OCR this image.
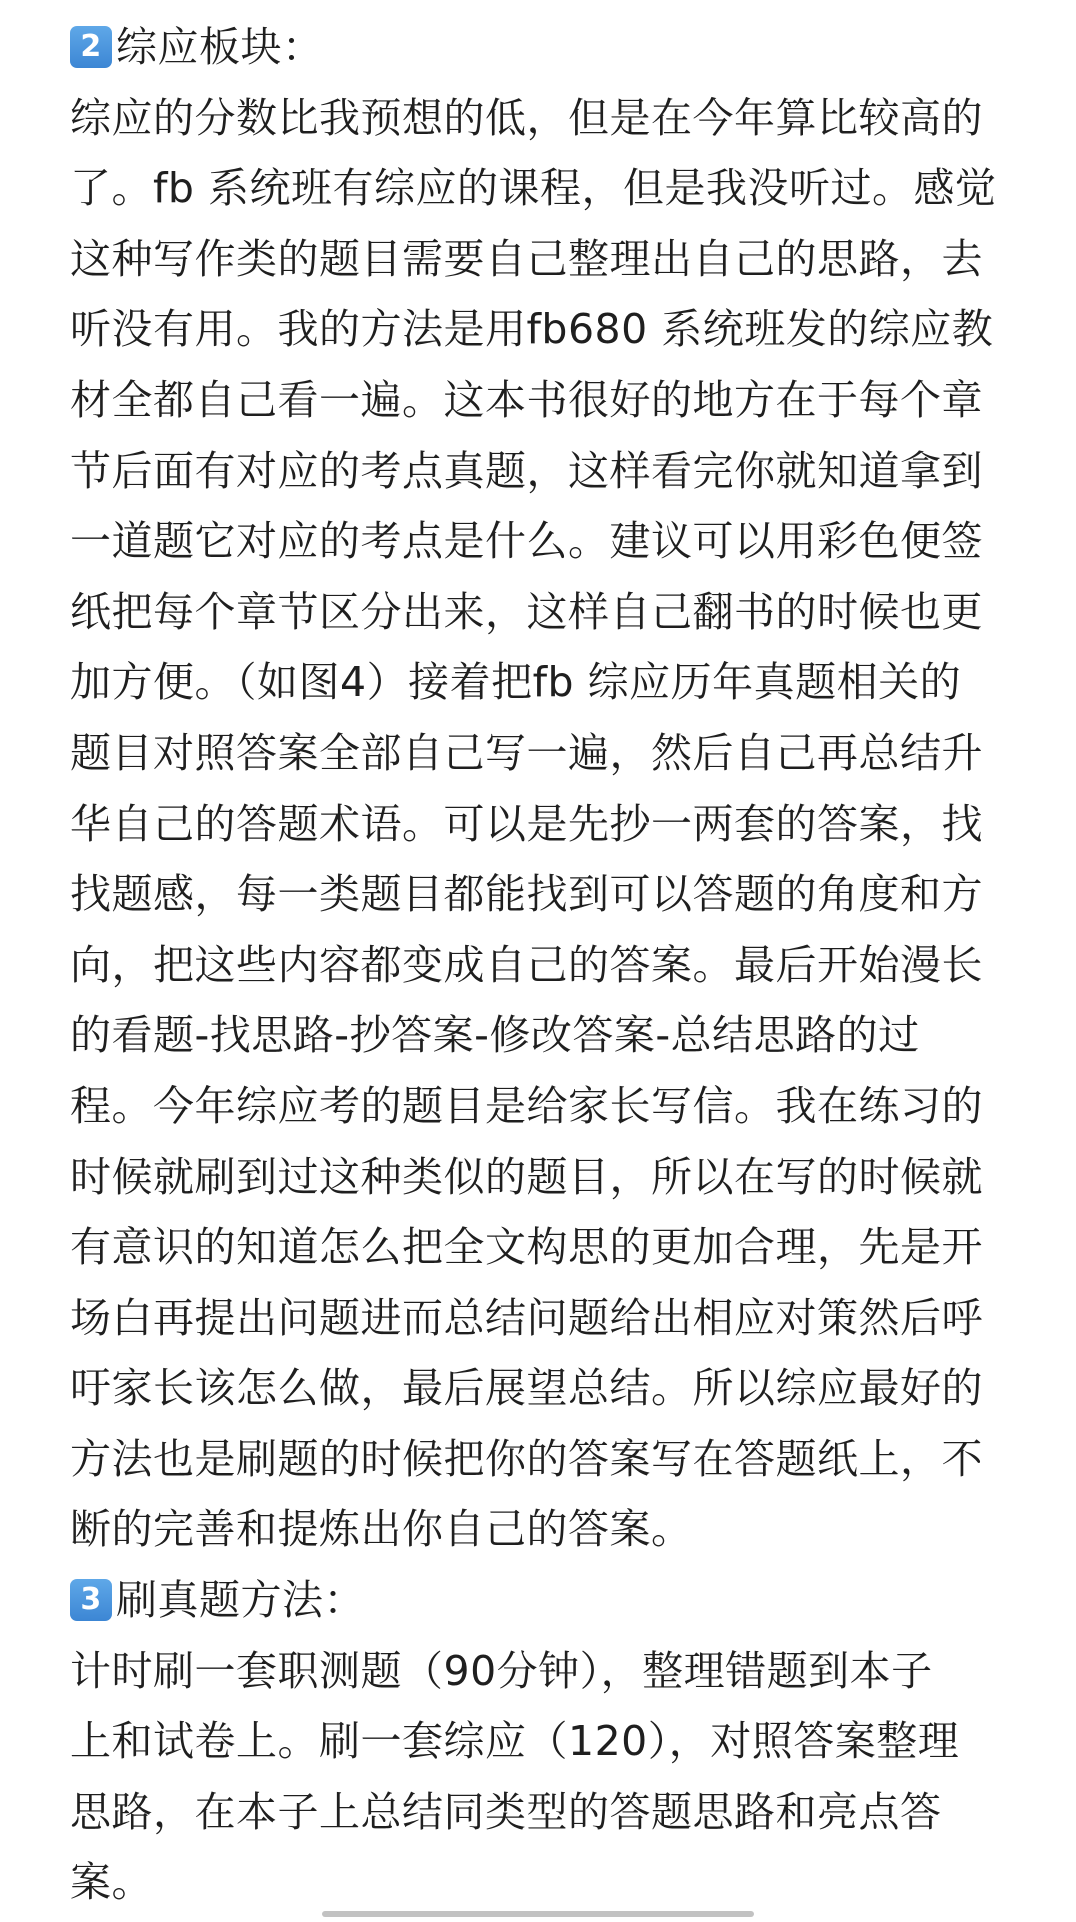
2 综应板块：
综应的分数比我预想的低，但是在今年算比较高的
了。fb 系统班有综应的课程，但是我没听过。感觉
这种写作类的题目需要自己整理出自己的思路，去
听没有用。我的方法是用fb680 系统班发的综应教
材全都自己看一遍。这本书很好的地方在于每个章
节后面有对应的考点真题，这样看完你就知道拿到
一道题它对应的考点是什么。建议可以用彩色便签
纸把每个章节区分出来，这样自己翻书的时候也更
加方便。（如图4）接着把fb 综应历年真题相关的
题目对照答案全部自己写一遍，然后自己再总结升
华自己的答题术语。可以是先抄一两套的答案，找
找题感，每一类题目都能找到可以答题的角度和方
向，把这些内容都变成自己的答案。最后开始漫长
的看题-找思路-抄答案-修改答案-总结思路的过
程。今年综应考的题目是给家长写信。我在练习的
时候就刷到过这种类似的题目，所以在写的时候就
有意识的知道怎么把全文构思的更加合理，先是开
场白再提出问题进而总结问题给出相应对策然后呼
吁家长该怎么做，最后展望总结。所以综应最好的
方法也是刷题的时候把你的答案写在答题纸上，不
断的完善和提炼出你自己的答案。
3 刷真题方法：
计时刷一套职测题（90分钟），整理错题到本子
上和试卷上。刷一套综应（120），对照答案整理
思路，在本子上总结同类型的答题思路和亮点答
案。
